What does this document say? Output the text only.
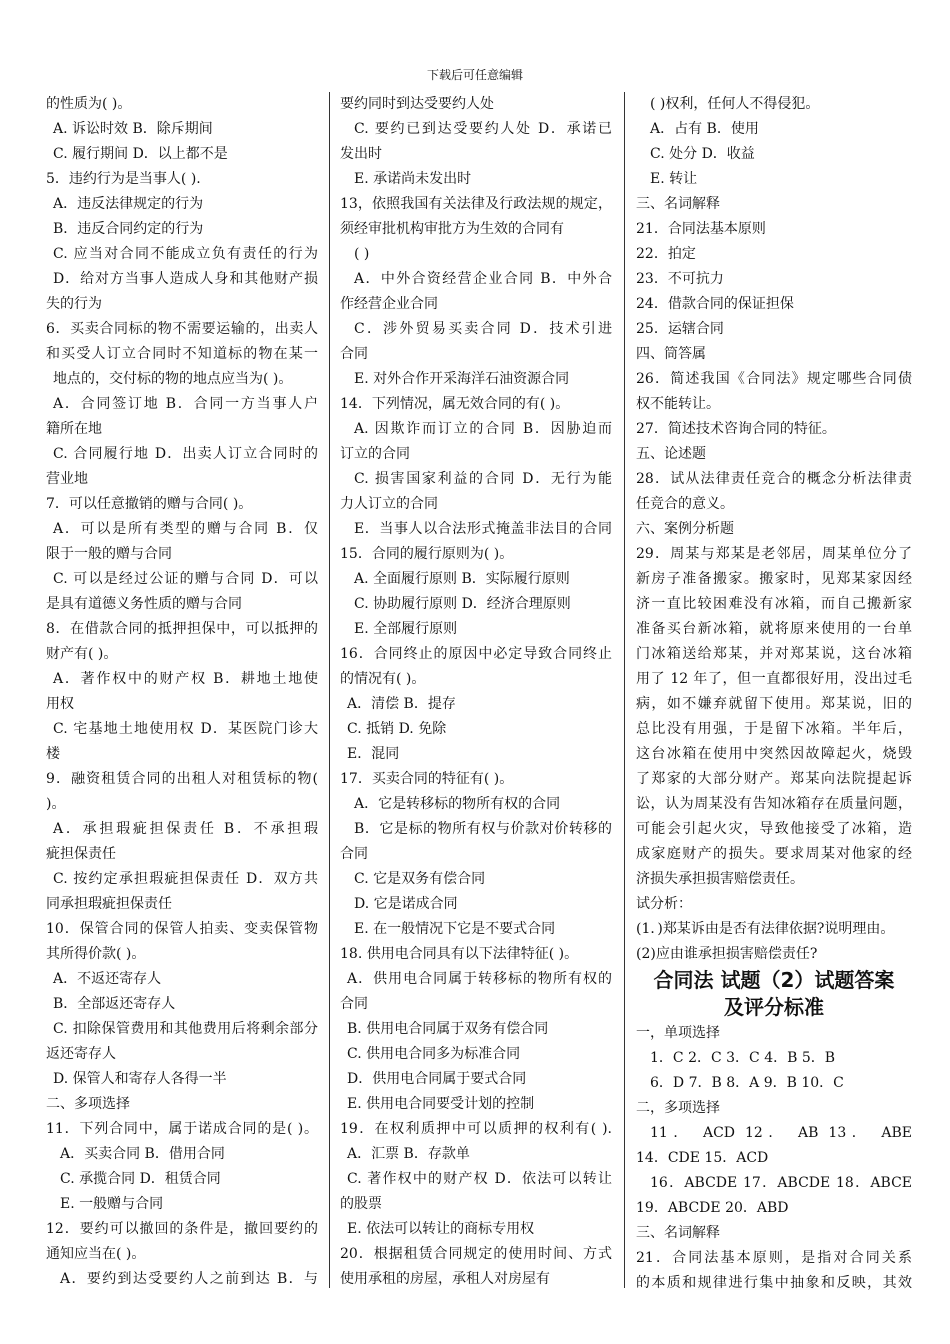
下载后可任意编辑
的性质为( )。
A. 诉讼时效 B．除斥期间
C. 履行期间 D．以上都不是
5．违约行为是当事人( ).
A．违反法律规定的行为
B．违反合同约定的行为
C. 应当对合同不能成立负有责任的行为
D．给对方当事人造成人身和其他财产损
失的行为
6．买卖合同标的物不需要运输的，出卖人
和买受人订立合同时不知道标的物在某一
地点的，交付标的物的地点应当为( )。
A．合同签订地 B．合同一方当事人户
籍所在地
C. 合同履行地 D．出卖人订立合同时的
营业地
7．可以任意撤销的赠与合同( )。
A．可以是所有类型的赠与合同 B．仅
限于一般的赠与合同
C. 可以是经过公证的赠与合同 D．可以
是具有道德义务性质的赠与合同
8．在借款合同的抵押担保中，可以抵押的
财产有( )。
A．著作权中的财产权 B．耕地土地使
用权
C. 宅基地土地使用权 D．某医院门诊大
楼
9．融资租赁合同的出租人对租赁标的物(
)。
A．承担瑕疵担保责任 B．不承担瑕
疵担保责任
C. 按约定承担瑕疵担保责任 D．双方共
同承担瑕疵担保责任
10．保管合同的保管人拍卖、变卖保管物
其所得价款( )。
A．不返还寄存人
B．全部返还寄存人
C. 扣除保管费用和其他费用后将剩余部分
返还寄存人
D. 保管人和寄存人各得一半
二、多项选择
11．下列合同中，属于诺成合同的是( )。
A．买卖合同 B．借用合同
C. 承揽合同 D．租赁合同
E. 一般赠与合同
12．要约可以撤回的条件是，撤回要约的
通知应当在( )。
A．要约到达受要约人之前到达 B．与
要约同时到达受要约人处
C. 要约已到达受要约人处 D．承诺已
发出时
E. 承诺尚未发出时
13，依照我国有关法律及行政法规的规定，
须经审批机构审批方为生效的合同有
( )
A．中外合资经营企业合同 B．中外合
作经营企业合同
C．涉外贸易买卖合同 D．技术引进
合同
E. 对外合作开采海洋石油资源合同
14．下列情况，属无效合同的有( )。
A. 因欺诈而订立的合同 B．因胁迫而
订立的合同
C. 损害国家利益的合同 D．无行为能
力人订立的合同
E．当事人以合法形式掩盖非法目的合同
15．合同的履行原则为( )。
A. 全面履行原则 B．实际履行原则
C. 协助履行原则 D．经济合理原则
E. 全部履行原则
16．合同终止的原因中必定导致合同终止
的情况有( )。
A．清偿 B．提存
C. 抵销 D. 免除
E．混同
17．买卖合同的特征有( )。
A．它是转移标的物所有权的合同
B．它是标的物所有权与价款对价转移的
合同
C. 它是双务有偿合同
D. 它是诺成合同
E. 在一般情况下它是不要式合同
18. 供用电合同具有以下法律特征( )。
A．供用电合同属于转移标的物所有权的
合同
B. 供用电合同属于双务有偿合同
C. 供用电合同多为标准合同
D．供用电合同属于要式合同
E. 供用电合同要受计划的控制
19．在权利质押中可以质押的权利有( ).
A．汇票 B．存款单
C. 著作权中的财产权 D．依法可以转让
的股票
E. 依法可以转让的商标专用权
20．根据租赁合同规定的使用时间、方式
使用承租的房屋，承租人对房屋有
( )权利，任何人不得侵犯。
A．占有 B．使用
C. 处分 D．收益
E. 转让
三、名词解释
21．合同法基本原则
22．拍定
23．不可抗力
24．借款合同的保证担保
25．运辖合同
四、筒答属
26．简述我国《合同法》规定哪些合同债
权不能转让。
27．简述技术咨询合同的特征。
五、论述题
28．试从法律责任竞合的概念分析法律责
任竞合的意义。
六、案例分析题
29．周某与郑某是老邻居，周某单位分了
新房子准备搬家。搬家时，见郑某家因经
济一直比较困难没有冰箱，而自己搬新家
准备买台新冰箱，就将原来使用的一台单
门冰箱送给郑某，并对郑某说，这台冰箱
用了 12 年了，但一直都很好用，没出过毛
病，如不嫌弃就留下使用。郑某说，旧的
总比没有用强，于是留下冰箱。半年后，
这台冰箱在使用中突然因故障起火，烧毁
了郑家的大部分财产。郑某向法院提起诉
讼，认为周某没有告知冰箱存在质量问题，
可能会引起火灾，导致他接受了冰箱，造
成家庭财产的损失。要求周某对他家的经
济损失承担损害赔偿责任。
试分析：
(1．)郑某诉由是否有法律依据?说明理由。
(2)应由谁承担损害赔偿责任?
合同法 试题（2）试题答案
及评分标准
一，单项选择
1．C 2．C 3．C 4．B 5．B
6．D 7．B 8．A 9．B 10．C
二，多项选择
11． ACD 12． AB 13． ABE
14．CDE 15．ACD
16．ABCDE 17．ABCDE 18．ABCE
19．ABCDE 20．ABD
三、名词解释
21．合同法基本原则，是指对合同关系
的本质和规律进行集中抽象和反映，其效
